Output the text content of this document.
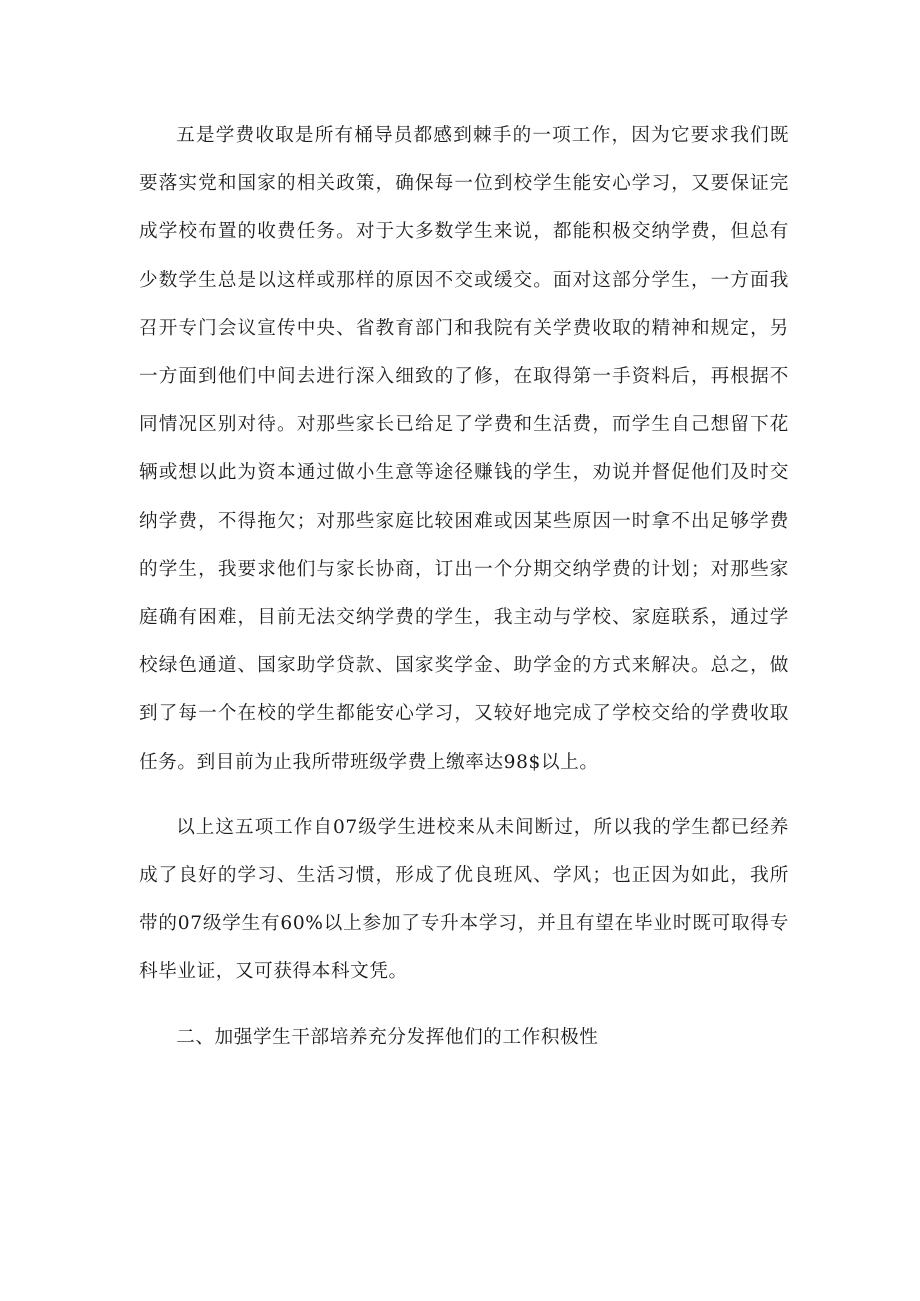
五是学费收取是所有桶导员都感到棘手的一项工作，因为它要求我们既要落实党和国家的相关政策，确保每一位到校学生能安心学习，又要保证完成学校布置的收费任务。对于大多数学生来说，都能积极交纳学费，但总有少数学生总是以这样或那样的原因不交或缓交。面对这部分学生，一方面我召开专门会议宣传中央、省教育部门和我院有关学费收取的精神和规定，另一方面到他们中间去进行深入细致的了修，在取得第一手资料后，再根据不同情况区别对待。对那些家长已给足了学费和生活费，而学生自己想留下花辆或想以此为资本通过做小生意等途径赚钱的学生，劝说并督促他们及时交纳学费，不得拖欠；对那些家庭比较困难或因某些原因一时拿不出足够学费的学生，我要求他们与家长协商，订出一个分期交纳学费的计划；对那些家庭确有困难，目前无法交纳学费的学生，我主动与学校、家庭联系，通过学校绿色通道、国家助学贷款、国家奖学金、助学金的方式来解决。总之，做到了每一个在校的学生都能安心学习，又较好地完成了学校交给的学费收取任务。到目前为止我所带班级学费上缴率达98$以上。

以上这五项工作自07级学生进校来从未间断过，所以我的学生都已经养成了良好的学习、生活习惯，形成了优良班风、学风；也正因为如此，我所带的07级学生有60%以上参加了专升本学习，并且有望在毕业时既可取得专科毕业证，又可获得本科文凭。

二、加强学生干部培养充分发挥他们的工作积极性
